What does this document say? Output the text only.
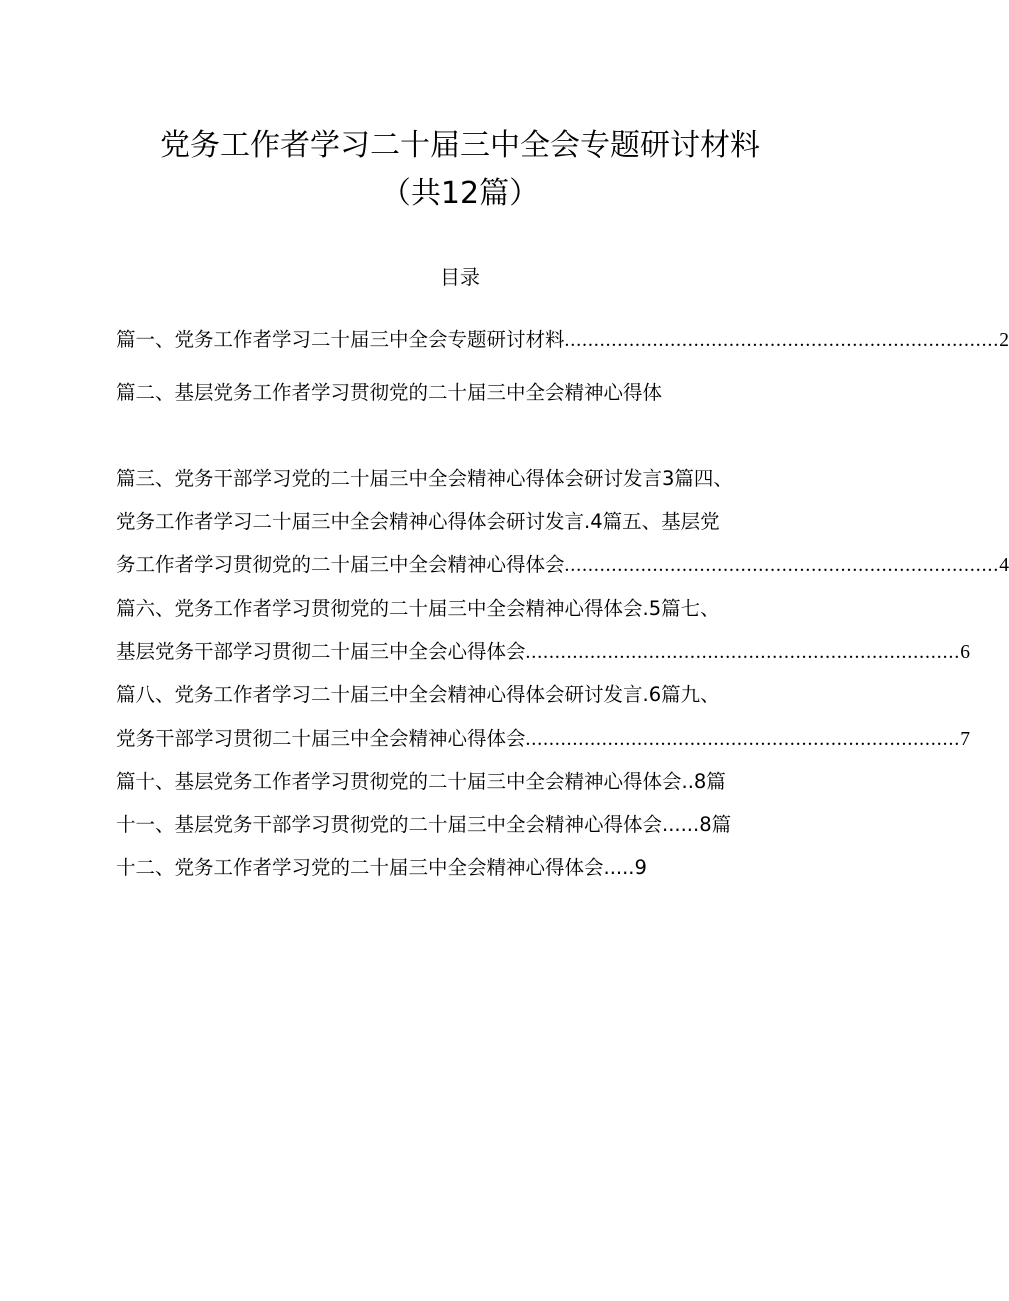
党务工作者学习二十届三中全会专题研讨材料
（共12篇）
目录
篇一、党务工作者学习二十届三中全会专题研讨材料 .......................................................................... 2
篇二、基层党务工作者学习贯彻党的二十届三中全会精神心得体
篇三、党务干部学习党的二十届三中全会精神心得体会研讨发言3篇四、
党务工作者学习二十届三中全会精神心得体会研讨发言.4篇五、基层党
务工作者学习贯彻党的二十届三中全会精神心得体会 .......................................................................... 4
篇六、党务工作者学习贯彻党的二十届三中全会精神心得体会.5篇七、
基层党务干部学习贯彻二十届三中全会心得体会 .......................................................................... 6
篇八、党务工作者学习二十届三中全会精神心得体会研讨发言.6篇九、
党务干部学习贯彻二十届三中全会精神心得体会 .......................................................................... 7
篇十、基层党务工作者学习贯彻党的二十届三中全会精神心得体会..8篇
十一、基层党务干部学习贯彻党的二十届三中全会精神心得体会......8篇
十二、党务工作者学习党的二十届三中全会精神心得体会.....9
